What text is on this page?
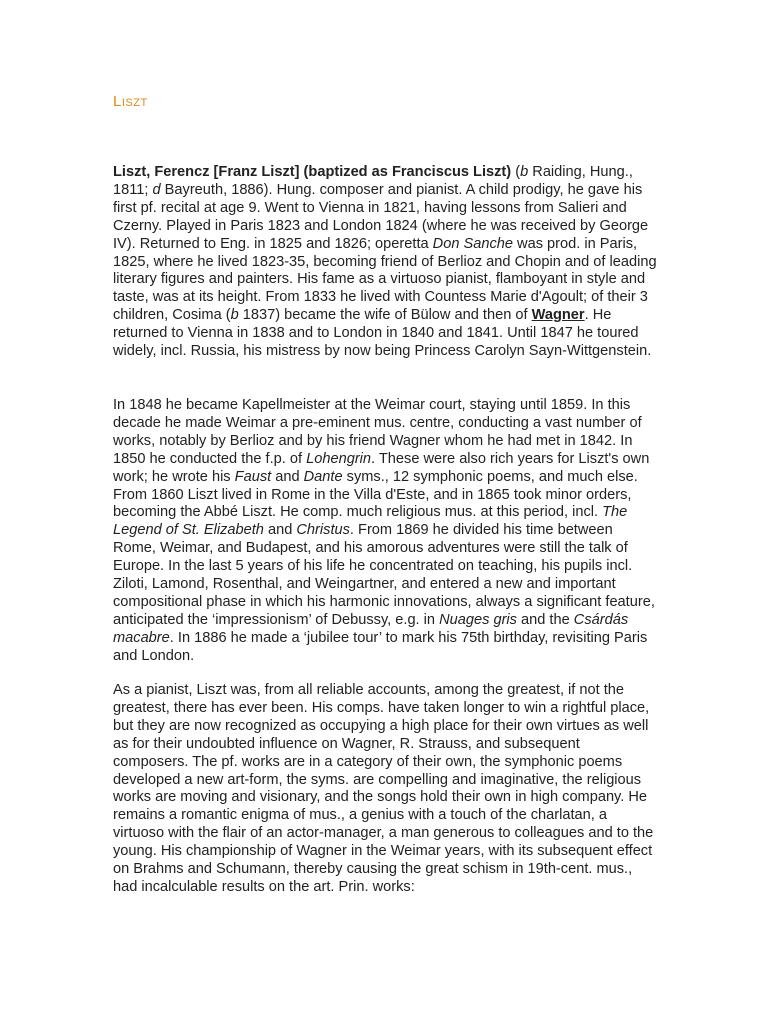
Liszt

Liszt, Ferencz [Franz Liszt] (baptized as Franciscus Liszt) (b Raiding, Hung., 1811; d Bayreuth, 1886). Hung. composer and pianist. A child prodigy, he gave his first pf. recital at age 9. Went to Vienna in 1821, having lessons from Salieri and Czerny. Played in Paris 1823 and London 1824 (where he was received by George IV). Returned to Eng. in 1825 and 1826; operetta Don Sanche was prod. in Paris, 1825, where he lived 1823-35, becoming friend of Berlioz and Chopin and of leading literary figures and painters. His fame as a virtuoso pianist, flamboyant in style and taste, was at its height. From 1833 he lived with Countess Marie d'Agoult; of their 3 children, Cosima (b 1837) became the wife of Bülow and then of Wagner. He returned to Vienna in 1838 and to London in 1840 and 1841. Until 1847 he toured widely, incl. Russia, his mistress by now being Princess Carolyn Sayn-Wittgenstein.

In 1848 he became Kapellmeister at the Weimar court, staying until 1859. In this decade he made Weimar a pre-eminent mus. centre, conducting a vast number of works, notably by Berlioz and by his friend Wagner whom he had met in 1842. In 1850 he conducted the f.p. of Lohengrin. These were also rich years for Liszt's own work; he wrote his Faust and Dante syms., 12 symphonic poems, and much else. From 1860 Liszt lived in Rome in the Villa d'Este, and in 1865 took minor orders, becoming the Abbé Liszt. He comp. much religious mus. at this period, incl. The Legend of St. Elizabeth and Christus. From 1869 he divided his time between Rome, Weimar, and Budapest, and his amorous adventures were still the talk of Europe. In the last 5 years of his life he concentrated on teaching, his pupils incl. Ziloti, Lamond, Rosenthal, and Weingartner, and entered a new and important compositional phase in which his harmonic innovations, always a significant feature, anticipated the ‘impressionism’ of Debussy, e.g. in Nuages gris and the Csárdás macabre. In 1886 he made a ‘jubilee tour’ to mark his 75th birthday, revisiting Paris and London.

As a pianist, Liszt was, from all reliable accounts, among the greatest, if not the greatest, there has ever been. His comps. have taken longer to win a rightful place, but they are now recognized as occupying a high place for their own virtues as well as for their undoubted influence on Wagner, R. Strauss, and subsequent composers. The pf. works are in a category of their own, the symphonic poems developed a new art-form, the syms. are compelling and imaginative, the religious works are moving and visionary, and the songs hold their own in high company. He remains a romantic enigma of mus., a genius with a touch of the charlatan, a virtuoso with the flair of an actor-manager, a man generous to colleagues and to the young. His championship of Wagner in the Weimar years, with its subsequent effect on Brahms and Schumann, thereby causing the great schism in 19th-cent. mus., had incalculable results on the art. Prin. works:
